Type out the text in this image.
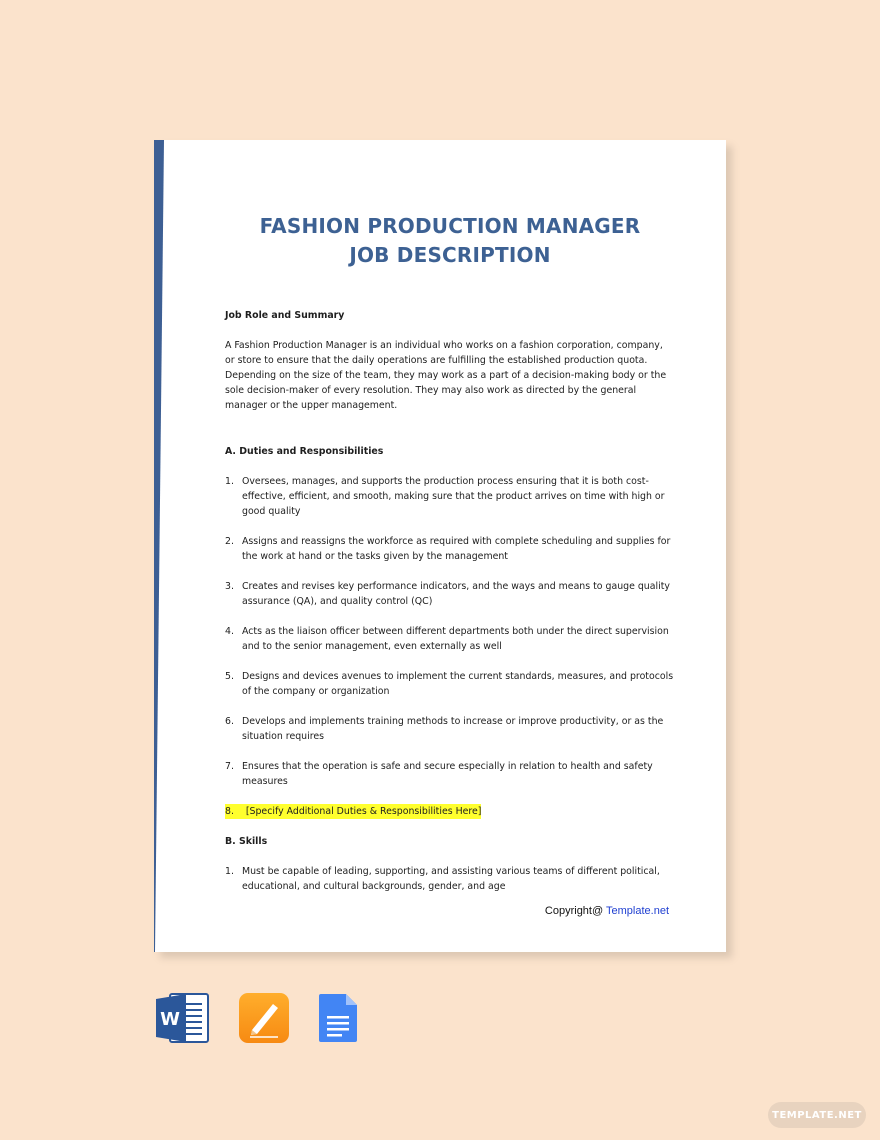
FASHION PRODUCTION MANAGER
JOB DESCRIPTION

Job Role and Summary

A Fashion Production Manager is an individual who works on a fashion corporation, company, or store to ensure that the daily operations are fulfilling the established production quota. Depending on the size of the team, they may work as a part of a decision-making body or the sole decision-maker of every resolution. They may also work as directed by the general manager or the upper management.

A. Duties and Responsibilities

1. Oversees, manages, and supports the production process ensuring that it is both cost-effective, efficient, and smooth, making sure that the product arrives on time with high or good quality
2. Assigns and reassigns the workforce as required with complete scheduling and supplies for the work at hand or the tasks given by the management
3. Creates and revises key performance indicators, and the ways and means to gauge quality assurance (QA), and quality control (QC)
4. Acts as the liaison officer between different departments both under the direct supervision and to the senior management, even externally as well
5. Designs and devices avenues to implement the current standards, measures, and protocols of the company or organization
6. Develops and implements training methods to increase or improve productivity, or as the situation requires
7. Ensures that the operation is safe and secure especially in relation to health and safety measures
8. [Specify Additional Duties & Responsibilities Here]

B. Skills

1. Must be capable of leading, supporting, and assisting various teams of different political, educational, and cultural backgrounds, gender, and age
Copyright@ Template.net
W
TEMPLATE.NET
